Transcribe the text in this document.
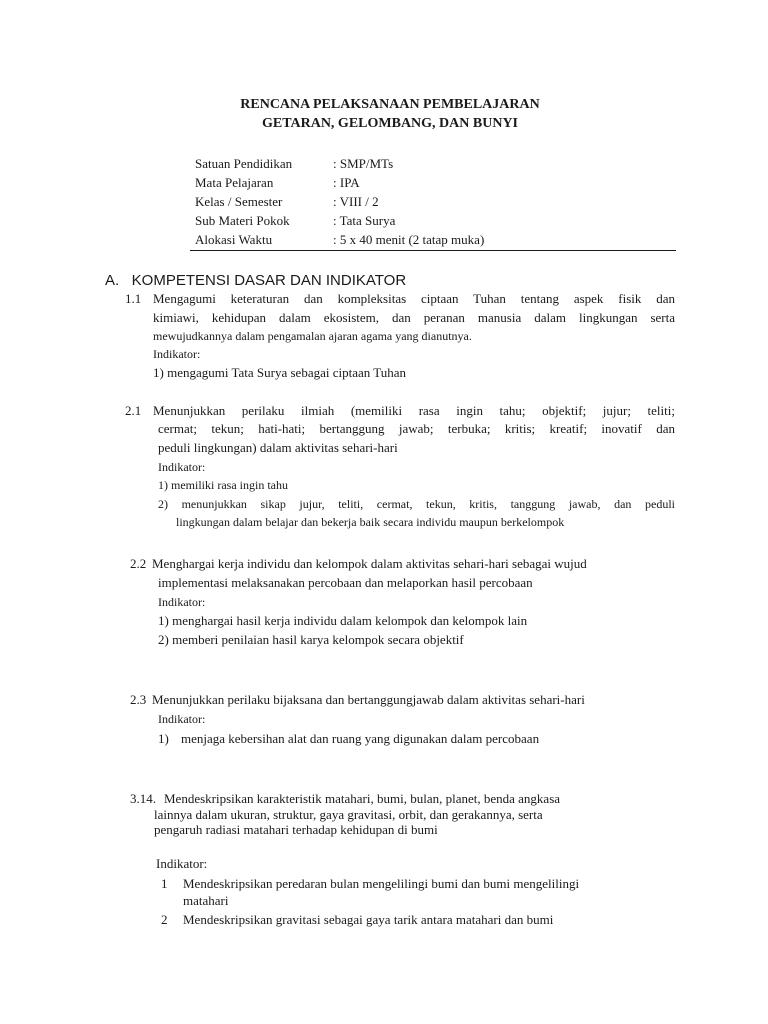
RENCANA PELAKSANAAN PEMBELAJARAN
GETARAN, GELOMBANG, DAN BUNYI
Satuan Pendidikan	: SMP/MTs
Mata Pelajaran	: IPA
Kelas / Semester	: VIII / 2
Sub Materi Pokok	: Tata Surya
Alokasi Waktu	: 5 x 40 menit (2 tatap muka)
A.   KOMPETENSI DASAR DAN INDIKATOR
1.1 Mengagumi keteraturan dan kompleksitas ciptaan Tuhan tentang aspek fisik dan
kimiawi, kehidupan dalam ekosistem, dan peranan manusia dalam lingkungan serta
mewujudkannya dalam pengamalan ajaran agama yang dianutnya.
Indikator:
1) mengagumi Tata Surya sebagai ciptaan Tuhan
2.1 Menunjukkan perilaku ilmiah (memiliki rasa ingin tahu; objektif; jujur; teliti;
cermat; tekun; hati-hati; bertanggung jawab; terbuka; kritis; kreatif; inovatif dan
peduli lingkungan) dalam aktivitas sehari-hari
Indikator:
1) memiliki rasa ingin tahu
2) menunjukkan sikap jujur, teliti, cermat, tekun, kritis, tanggung jawab, dan peduli
lingkungan dalam belajar dan bekerja baik secara individu maupun berkelompok
2.2 Menghargai kerja individu dan kelompok dalam aktivitas sehari-hari sebagai wujud
implementasi melaksanakan percobaan dan melaporkan hasil percobaan
Indikator:
1) menghargai hasil kerja individu dalam kelompok dan kelompok lain
2) memberi penilaian hasil karya kelompok secara objektif
2.3 Menunjukkan perilaku bijaksana dan bertanggungjawab dalam aktivitas sehari-hari
Indikator:
1) menjaga kebersihan alat dan ruang yang digunakan dalam percobaan
3.14. Mendeskripsikan karakteristik matahari, bumi, bulan, planet, benda angkasa
lainnya dalam ukuran, struktur, gaya gravitasi, orbit, dan gerakannya, serta
pengaruh radiasi matahari terhadap kehidupan di bumi
Indikator:
1 Mendeskripsikan peredaran bulan mengelilingi bumi dan bumi mengelilingi
matahari
2 Mendeskripsikan gravitasi sebagai gaya tarik antara matahari dan bumi
